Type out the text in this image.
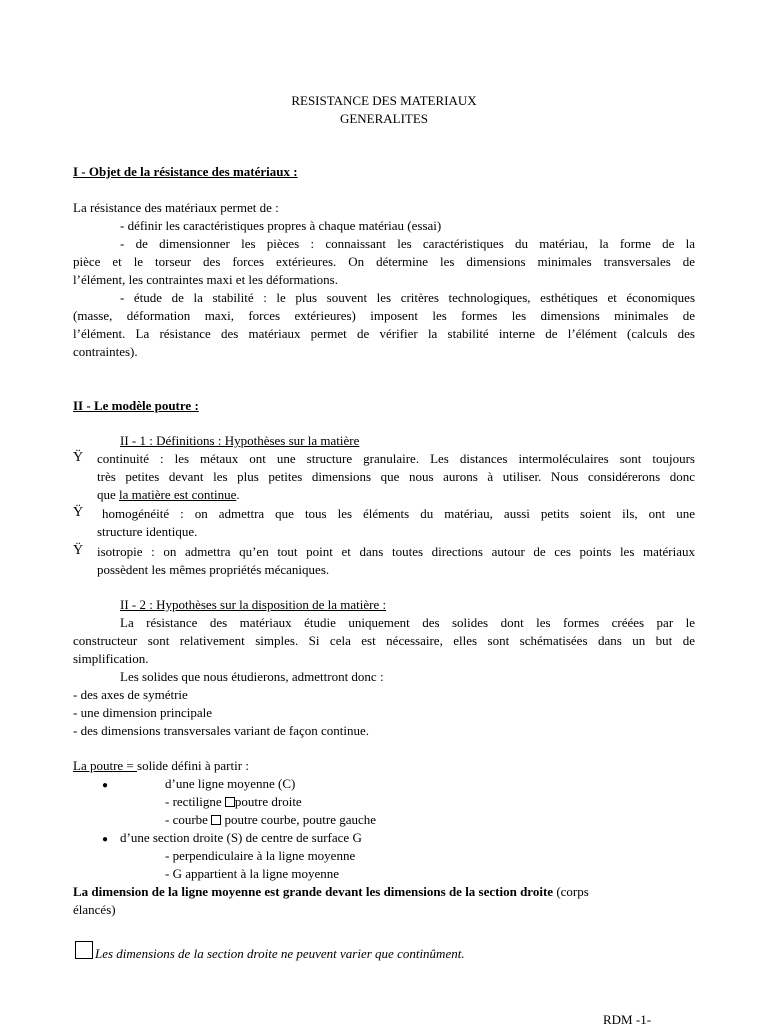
RESISTANCE DES MATERIAUX
GENERALITES
I - Objet de la résistance des matériaux :
La résistance des matériaux permet de :
- définir les caractéristiques propres à chaque matériau (essai)
- de dimensionner les pièces : connaissant les caractéristiques du matériau, la forme de la
pièce et le torseur des forces extérieures. On détermine les dimensions minimales transversales de
l’élément, les contraintes maxi et les déformations.
- étude de la stabilité : le plus souvent les critères technologiques, esthétiques et économiques
(masse, déformation maxi, forces extérieures) imposent les formes les dimensions minimales de
l’élément. La résistance des matériaux permet de vérifier la stabilité interne de l’élément (calculs des
contraintes).
II - Le modèle poutre :
II - 1 : Définitions : Hypothèses sur la matière
Ÿ continuité : les métaux ont une structure granulaire. Les distances intermoléculaires sont toujours
très petites devant les plus petites dimensions que nous aurons à utiliser. Nous considérerons donc
que la matière est continue.
Ÿ homogénéité : on admettra que tous les éléments du matériau, aussi petits soient ils, ont une
structure identique.
Ÿ isotropie : on admettra qu’en tout point et dans toutes directions autour de ces points les matériaux
possèdent les mêmes propriétés mécaniques.
II - 2 : Hypothèses sur la disposition de la matière :
La résistance des matériaux étudie uniquement des solides dont les formes créées par le
constructeur sont relativement simples. Si cela est nécessaire, elles sont schématisées dans un but de
simplification.
Les solides que nous étudierons, admettront donc :
- des axes de symétrie
- une dimension principale
- des dimensions transversales variant de façon continue.
La poutre = solide défini à partir :
●	d’une ligne moyenne (C)
- rectiligne poutre droite
- courbe  poutre courbe, poutre gauche
● d’une section droite (S) de centre de surface G
- perpendiculaire à la ligne moyenne
- G appartient à la ligne moyenne
La dimension de la ligne moyenne est grande devant les dimensions de la section droite (corps
élancés)
Les dimensions de la section droite ne peuvent varier que continûment.
RDM -1-
